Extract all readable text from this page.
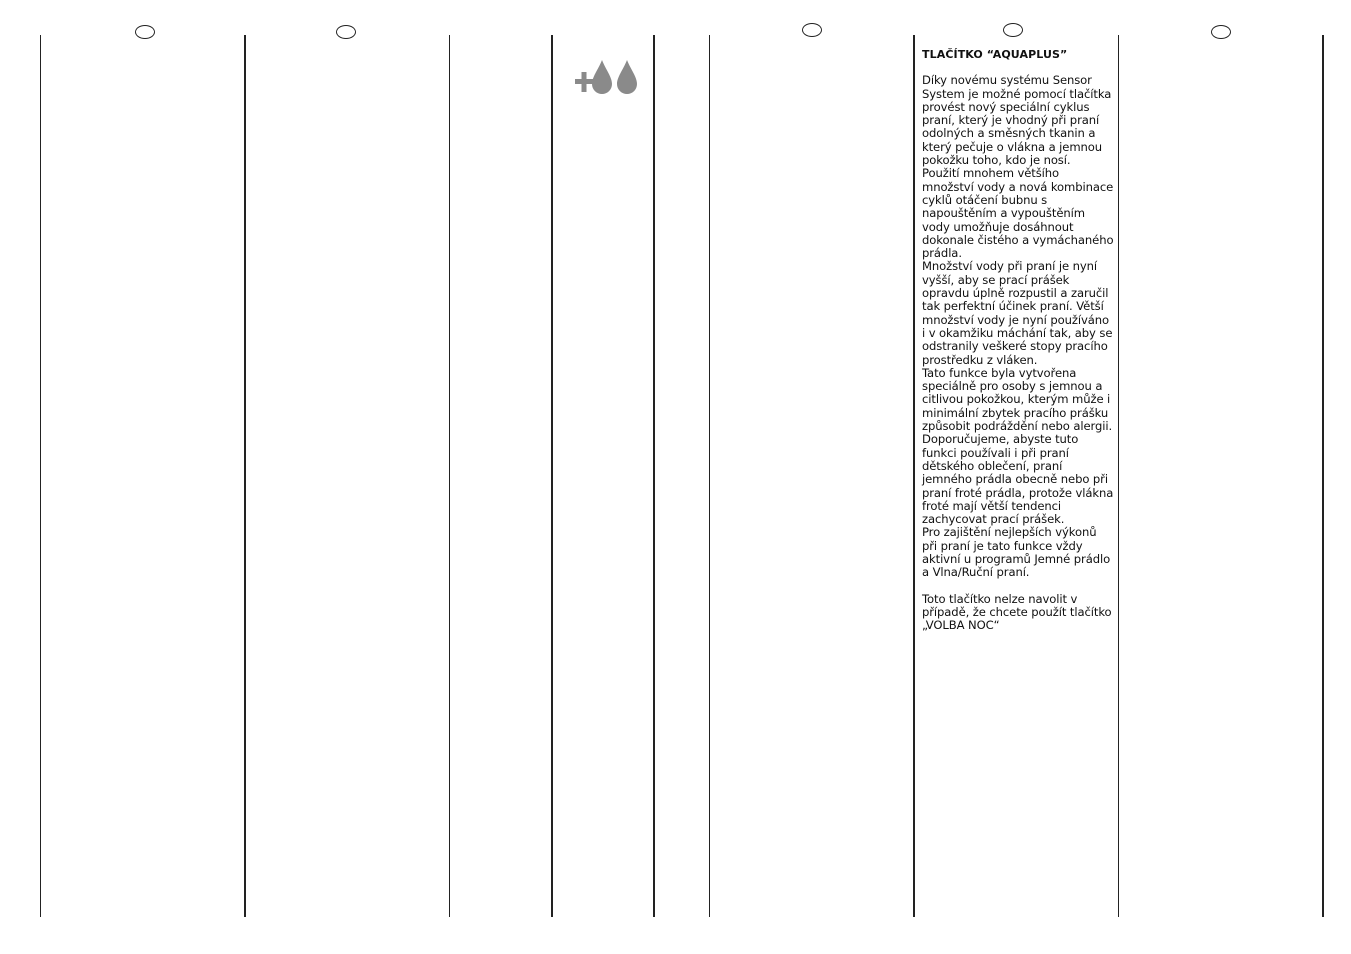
TLAČÍTKO “AQUAPLUS”

Díky novému systému Sensor System je možné pomocí tlačítka provést nový speciální cyklus praní, který je vhodný při praní odolných a směsných tkanin a který pečuje o vlákna a jemnou pokožku toho, kdo je nosí.

Použití mnohem většího množství vody a nová kombinace cyklů otáčení bubnu s napouštěním a vypouštěním vody umožňuje dosáhnout dokonale čistého a vymáchaného prádla.

Množství vody při praní je nyní vyšší, aby se prací prášek opravdu úplně rozpustil a zaručil tak perfektní účinek praní. Větší množství vody je nyní používáno i v okamžiku máchání tak, aby se odstranily veškeré stopy pracího prostředku z vláken.

Tato funkce byla vytvořena speciálně pro osoby s jemnou a citlivou pokožkou, kterým může i minimální zbytek pracího prášku způsobit podráždění nebo alergii.

Doporučujeme, abyste tuto funkci používali i při praní dětského oblečení, praní jemného prádla obecně nebo při praní froté prádla, protože vlákna froté mají větší tendenci zachycovat prací prášek.

Pro zajištění nejlepších výkonů při praní je tato funkce vždy aktivní u programů Jemné prádlo a Vlna/Ruční praní.

Toto tlačítko nelze navolit v případě, že chcete použít tlačítko „VOLBA NOC“
